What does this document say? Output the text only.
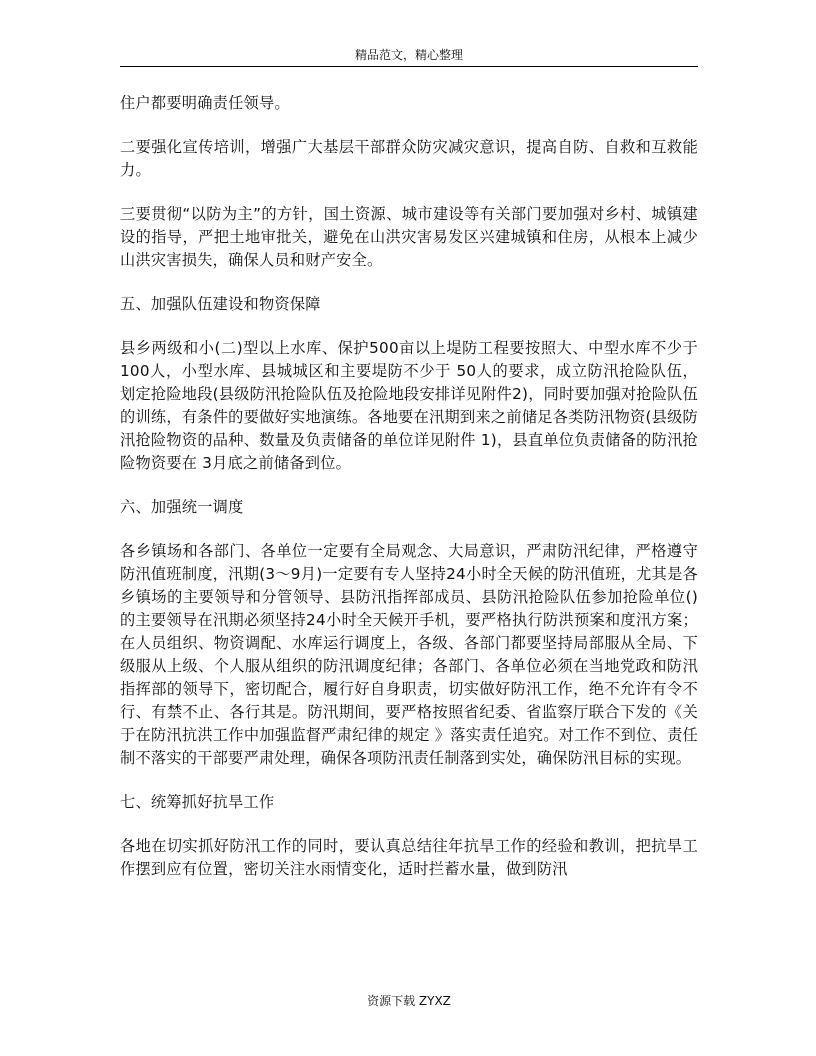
精品范文，精心整理

住户都要明确责任领导。

二要强化宣传培训，增强广大基层干部群众防灾减灾意识，提高自防、自救和互救能力。

三要贯彻“以防为主”的方针，国土资源、城市建设等有关部门要加强对乡村、城镇建设的指导，严把土地审批关，避免在山洪灾害易发区兴建城镇和住房，从根本上减少山洪灾害损失，确保人员和财产安全。

五、加强队伍建设和物资保障

县乡两级和小(二)型以上水库、保护500亩以上堤防工程要按照大、中型水库不少于 100人，小型水库、县城城区和主要堤防不少于 50人的要求，成立防汛抢险队伍，划定抢险地段(县级防汛抢险队伍及抢险地段安排详见附件2)，同时要加强对抢险队伍的训练，有条件的要做好实地演练。各地要在汛期到来之前储足各类防汛物资(县级防汛抢险物资的品种、数量及负责储备的单位详见附件 1)，县直单位负责储备的防汛抢险物资要在 3月底之前储备到位。

六、加强统一调度

各乡镇场和各部门、各单位一定要有全局观念、大局意识，严肃防汛纪律，严格遵守防汛值班制度，汛期(3～9月)一定要有专人坚持24小时全天候的防汛值班，尤其是各乡镇场的主要领导和分管领导、县防汛指挥部成员、县防汛抢险队伍参加抢险单位()的主要领导在汛期必须坚持24小时全天候开手机，要严格执行防洪预案和度汛方案；在人员组织、物资调配、水库运行调度上，各级、各部门都要坚持局部服从全局、下级服从上级、个人服从组织的防汛调度纪律；各部门、各单位必须在当地党政和防汛指挥部的领导下，密切配合，履行好自身职责，切实做好防汛工作，绝不允许有令不行、有禁不止、各行其是。防汛期间，要严格按照省纪委、省监察厅联合下发的《关于在防汛抗洪工作中加强监督严肃纪律的规定 》落实责任追究。对工作不到位、责任制不落实的干部要严肃处理，确保各项防汛责任制落到实处，确保防汛目标的实现。

七、统筹抓好抗旱工作

各地在切实抓好防汛工作的同时，要认真总结往年抗旱工作的经验和教训，把抗旱工作摆到应有位置，密切关注水雨情变化，适时拦蓄水量，做到防汛

资源下载 ZYXZ
